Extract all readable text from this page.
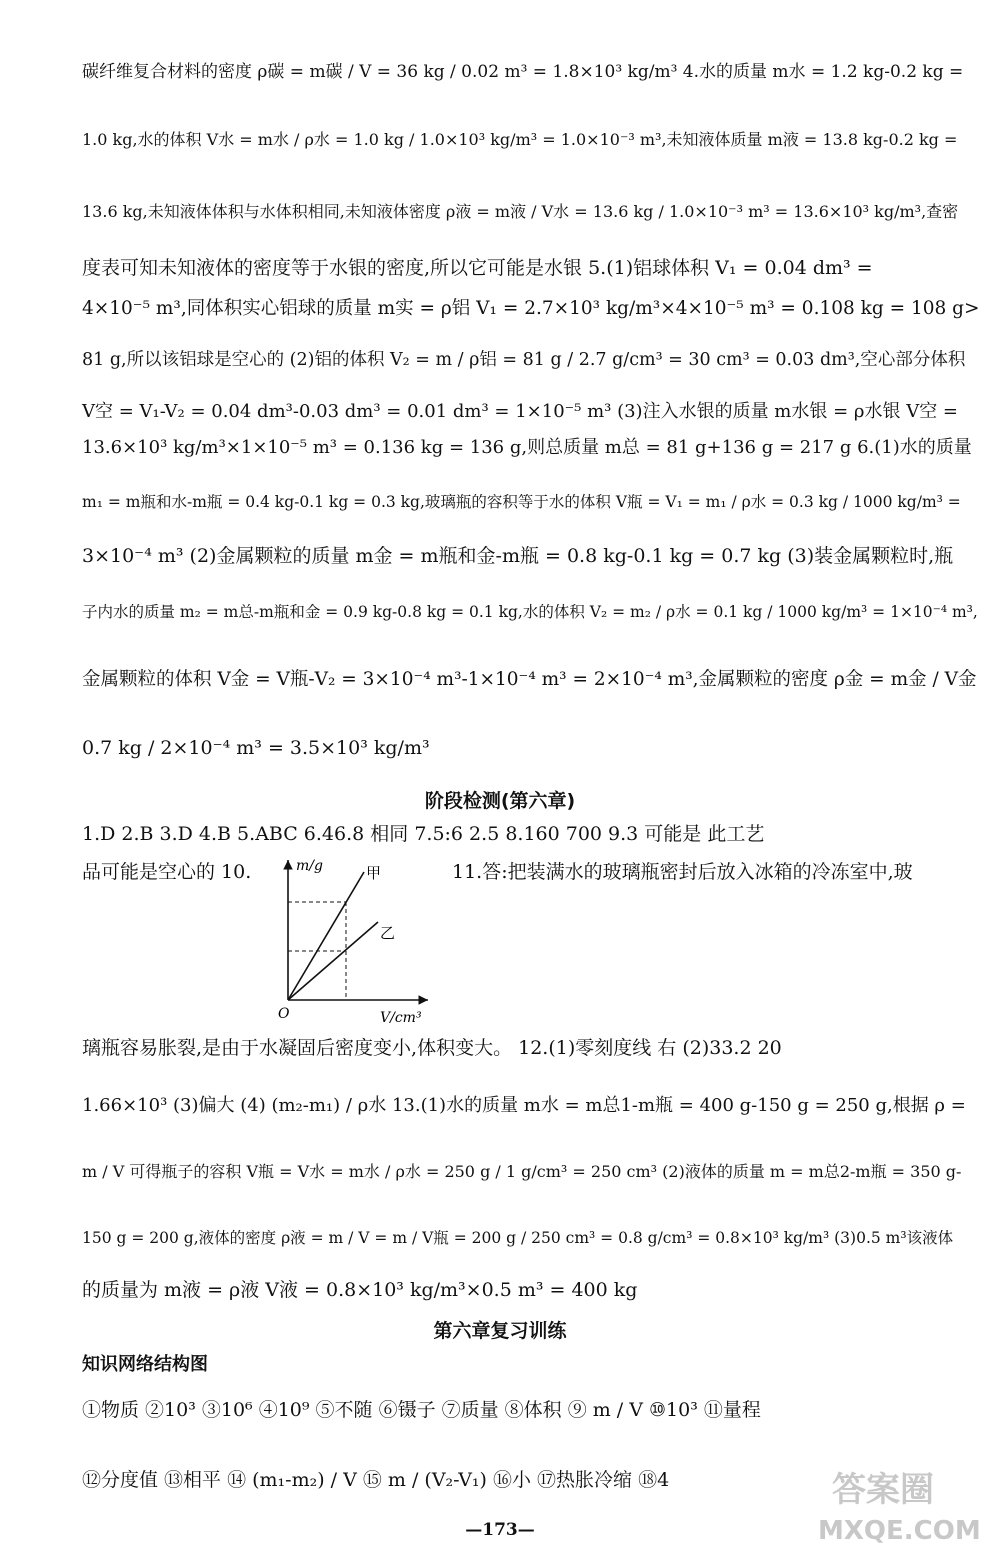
碳纤维复合材料的密度 ρ碳 = m碳 / V = 36 kg / 0.02 m³ = 1.8×10³ kg/m³ 4.水的质量 m水 = 1.2 kg-0.2 kg =
1.0 kg,水的体积 V水 = m水 / ρ水 = 1.0 kg / 1.0×10³ kg/m³ = 1.0×10⁻³ m³,未知液体质量 m液 = 13.8 kg-0.2 kg =
13.6 kg,未知液体体积与水体积相同,未知液体密度 ρ液 = m液 / V水 = 13.6 kg / 1.0×10⁻³ m³ = 13.6×10³ kg/m³,查密
度表可知未知液体的密度等于水银的密度,所以它可能是水银 5.(1)铝球体积 V₁ = 0.04 dm³ =
4×10⁻⁵ m³,同体积实心铝球的质量 m实 = ρ铝 V₁ = 2.7×10³ kg/m³×4×10⁻⁵ m³ = 0.108 kg = 108 g>
81 g,所以该铝球是空心的 (2)铝的体积 V₂ = m / ρ铝 = 81 g / 2.7 g/cm³ = 30 cm³ = 0.03 dm³,空心部分体积
V空 = V₁-V₂ = 0.04 dm³-0.03 dm³ = 0.01 dm³ = 1×10⁻⁵ m³ (3)注入水银的质量 m水银 = ρ水银 V空 =
13.6×10³ kg/m³×1×10⁻⁵ m³ = 0.136 kg = 136 g,则总质量 m总 = 81 g+136 g = 217 g 6.(1)水的质量
m₁ = m瓶和水-m瓶 = 0.4 kg-0.1 kg = 0.3 kg,玻璃瓶的容积等于水的体积 V瓶 = V₁ = m₁ / ρ水 = 0.3 kg / 1000 kg/m³ =
3×10⁻⁴ m³ (2)金属颗粒的质量 m金 = m瓶和金-m瓶 = 0.8 kg-0.1 kg = 0.7 kg (3)装金属颗粒时,瓶
子内水的质量 m₂ = m总-m瓶和金 = 0.9 kg-0.8 kg = 0.1 kg,水的体积 V₂ = m₂ / ρ水 = 0.1 kg / 1000 kg/m³ = 1×10⁻⁴ m³,
金属颗粒的体积 V金 = V瓶-V₂ = 3×10⁻⁴ m³-1×10⁻⁴ m³ = 2×10⁻⁴ m³,金属颗粒的密度 ρ金 = m金 / V金
0.7 kg / 2×10⁻⁴ m³ = 3.5×10³ kg/m³
阶段检测(第六章)
1.D 2.B 3.D 4.B 5.ABC 6.46.8 相同 7.5:6 2.5 8.160 700 9.3 可能是 此工艺
品可能是空心的 10.	11.答:把装满水的玻璃瓶密封后放入冰箱的冷冻室中,玻
m/g
V/cm³
O
甲
乙
璃瓶容易胀裂,是由于水凝固后密度变小,体积变大。 12.(1)零刻度线 右 (2)33.2 20
1.66×10³ (3)偏大 (4) (m₂-m₁) / ρ水 13.(1)水的质量 m水 = m总1-m瓶 = 400 g-150 g = 250 g,根据 ρ =
m / V 可得瓶子的容积 V瓶 = V水 = m水 / ρ水 = 250 g / 1 g/cm³ = 250 cm³ (2)液体的质量 m = m总2-m瓶 = 350 g-
150 g = 200 g,液体的密度 ρ液 = m / V = m / V瓶 = 200 g / 250 cm³ = 0.8 g/cm³ = 0.8×10³ kg/m³ (3)0.5 m³该液体
的质量为 m液 = ρ液 V液 = 0.8×10³ kg/m³×0.5 m³ = 400 kg
第六章复习训练
知识网络结构图
①物质 ②10³ ③10⁶ ④10⁹ ⑤不随 ⑥镊子 ⑦质量 ⑧体积 ⑨ m / V ⑩10³ ⑪量程
⑫分度值 ⑬相平 ⑭ (m₁-m₂) / V ⑮ m / (V₂-V₁) ⑯小 ⑰热胀冷缩 ⑱4
—173—
答案圈
MXQE.COM
